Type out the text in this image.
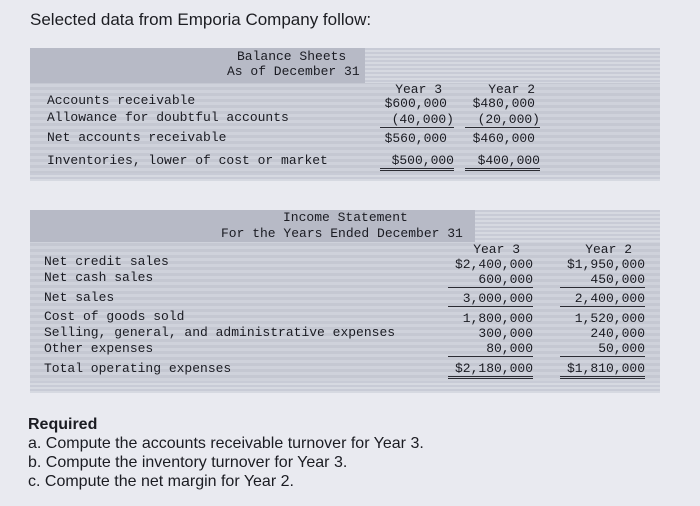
Selected data from Emporia Company follow:
Balance Sheets
As of December 31
Year 3	Year 2
Accounts receivable	$600,000	$480,000
Allowance for doubtful accounts	(40,000)	(20,000)
Net accounts receivable	$560,000	$460,000
Inventories, lower of cost or market	$500,000	$400,000
Income Statement
For the Years Ended December 31
Year 3	Year 2
Net credit sales	$2,400,000	$1,950,000
Net cash sales	600,000	450,000
Net sales	3,000,000	2,400,000
Cost of goods sold	1,800,000	1,520,000
Selling, general, and administrative expenses	300,000	240,000
Other expenses	80,000	50,000
Total operating expenses	$2,180,000	$1,810,000
Required
a. Compute the accounts receivable turnover for Year 3.
b. Compute the inventory turnover for Year 3.
c. Compute the net margin for Year 2.
